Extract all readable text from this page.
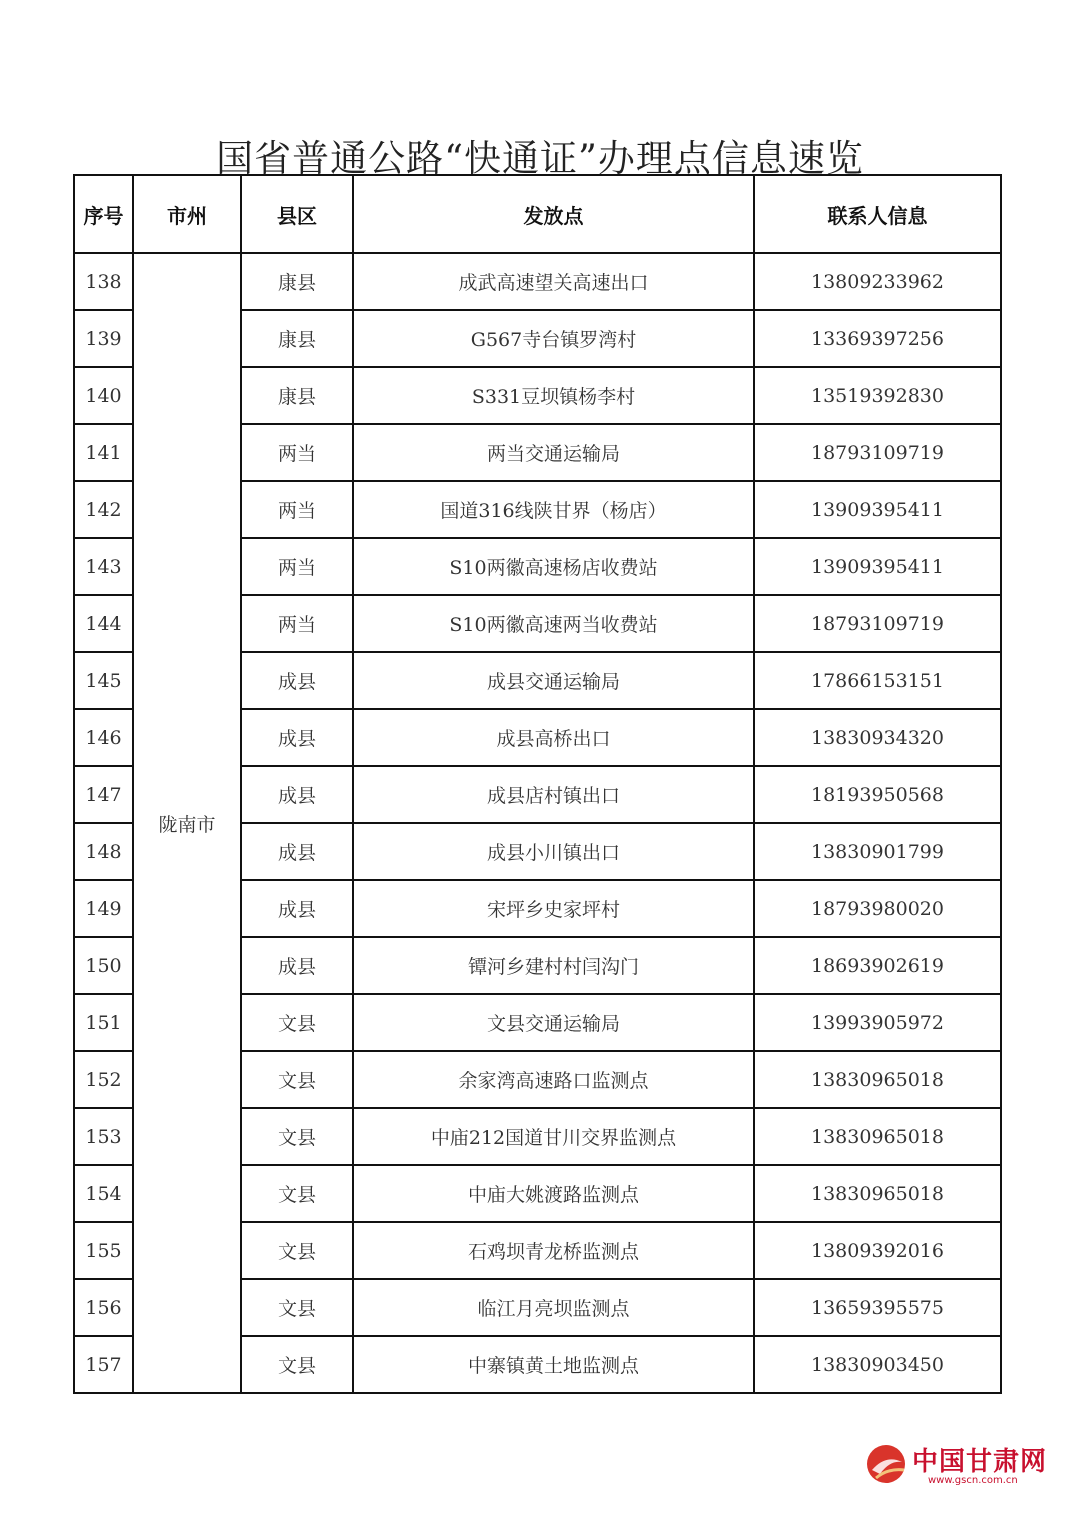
国省普通公路“快通证”办理点信息速览
序号	市州	县区	发放点	联系人信息
138	陇南市	康县	成武高速望关高速出口	13809233962
139		康县	G567寺台镇罗湾村	13369397256
140		康县	S331豆坝镇杨李村	13519392830
141		两当	两当交通运输局	18793109719
142		两当	国道316线陕甘界（杨店）	13909395411
143		两当	S10两徽高速杨店收费站	13909395411
144		两当	S10两徽高速两当收费站	18793109719
145		成县	成县交通运输局	17866153151
146		成县	成县高桥出口	13830934320
147		成县	成县店村镇出口	18193950568
148		成县	成县小川镇出口	13830901799
149		成县	宋坪乡史家坪村	18793980020
150		成县	镡河乡建村村闫沟门	18693902619
151		文县	文县交通运输局	13993905972
152		文县	余家湾高速路口监测点	13830965018
153		文县	中庙212国道甘川交界监测点	13830965018
154		文县	中庙大姚渡路监测点	13830965018
155		文县	石鸡坝青龙桥监测点	13809392016
156		文县	临江月亮坝监测点	13659395575
157		文县	中寨镇黄土地监测点	13830903450
中国甘肃网
www.gscn.com.cn
